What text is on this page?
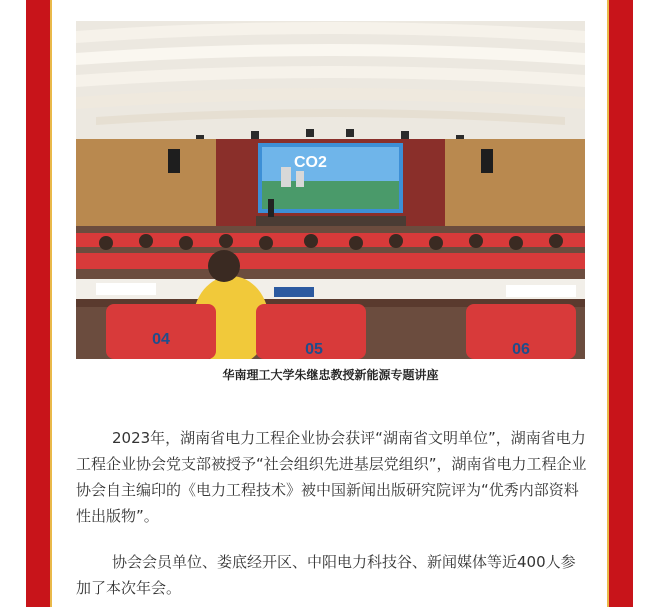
CO2
04
05	06
华南理工大学朱继忠教授新能源专题讲座

2023年，湖南省电力工程企业协会获评“湖南省文明单位”，湖南省电力工程企业协会党支部被授予“社会组织先进基层党组织”，湖南省电力工程企业协会自主编印的《电力工程技术》被中国新闻出版研究院评为“优秀内部资料性出版物”。

协会会员单位、娄底经开区、中阳电力科技谷、新闻媒体等近400人参加了本次年会。
